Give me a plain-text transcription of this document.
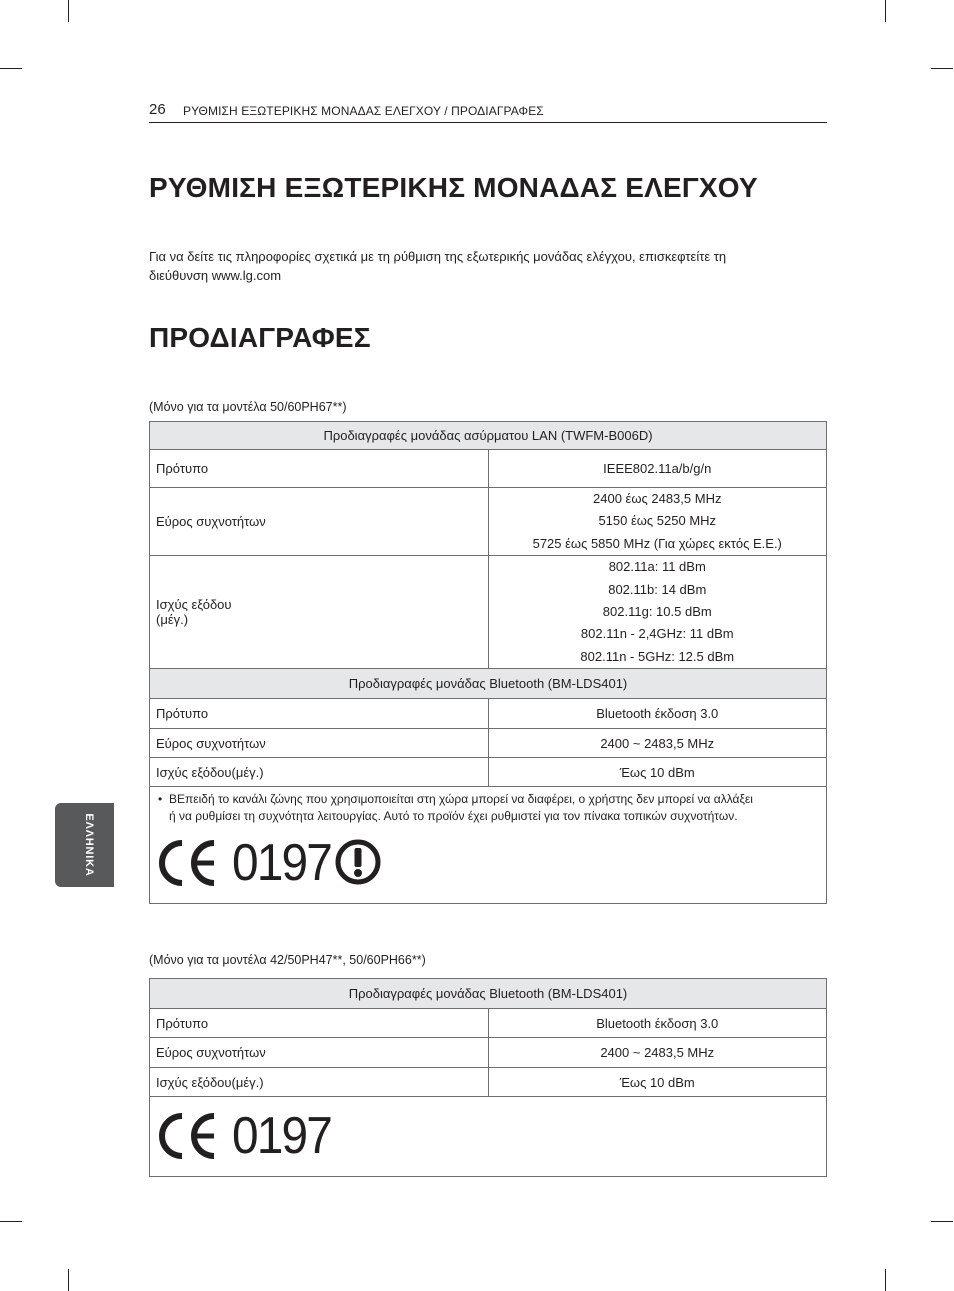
26 ΡΥΘΜΙΣΗ ΕΞΩΤΕΡΙΚΗΣ ΜΟΝΑΔΑΣ ΕΛΕΓΧΟΥ / ΠΡΟΔΙΑΓΡΑΦΕΣ
ΡΥΘΜΙΣΗ ΕΞΩΤΕΡΙΚΗΣ ΜΟΝΑΔΑΣ ΕΛΕΓΧΟΥ
Για να δείτε τις πληροφορίες σχετικά με τη ρύθμιση της εξωτερικής μονάδας ελέγχου, επισκεφτείτε τη
διεύθυνση www.lg.com
ΠΡΟΔΙΑΓΡΑΦΕΣ
(Μόνο για τα μοντέλα 50/60PH67**)
Προδιαγραφές μονάδας ασύρματου LAN (TWFM-B006D)	
Πρότυπο	IEEE802.11a/b/g/n
Εύρος συχνοτήτων	2400 έως 2483,5 MHz
5150 έως 5250 MHz
5725 έως 5850 MHz (Για χώρες εκτός Ε.Ε.)

Ισχύς εξόδου
(μέγ.)	802.11a: 11 dBm
802.11b: 14 dBm
802.11g: 10.5 dBm
802.11n - 2,4GHz: 11 dBm
802.11n - 5GHz: 12.5 dBm

Προδιαγραφές μονάδας Bluetooth (BM-LDS401)	
Πρότυπο	Bluetooth έκδοση 3.0
Εύρος συχνοτήτων	2400 ~ 2483,5 MHz
Ισχύς εξόδου(μέγ.)	Έως 10 dBm

• ΒΕπειδή το κανάλι ζώνης που χρησιμοποιείται στη χώρα μπορεί να διαφέρει, ο χρήστης δεν μπορεί να αλλάξει
ή να ρυθμίσει τη συχνότητα λειτουργίας. Αυτό το προϊόν έχει ρυθμιστεί για τον πίνακα τοπικών συχνοτήτων.
0197	
(Μόνο για τα μοντέλα 42/50PH47**, 50/60PH66**)
Προδιαγραφές μονάδας Bluetooth (BM-LDS401)	
Πρότυπο	Bluetooth έκδοση 3.0
Εύρος συχνοτήτων	2400 ~ 2483,5 MHz
Ισχύς εξόδου(μέγ.)	Έως 10 dBm

0197	
ΕΛΛΗΝΙΚΑ
